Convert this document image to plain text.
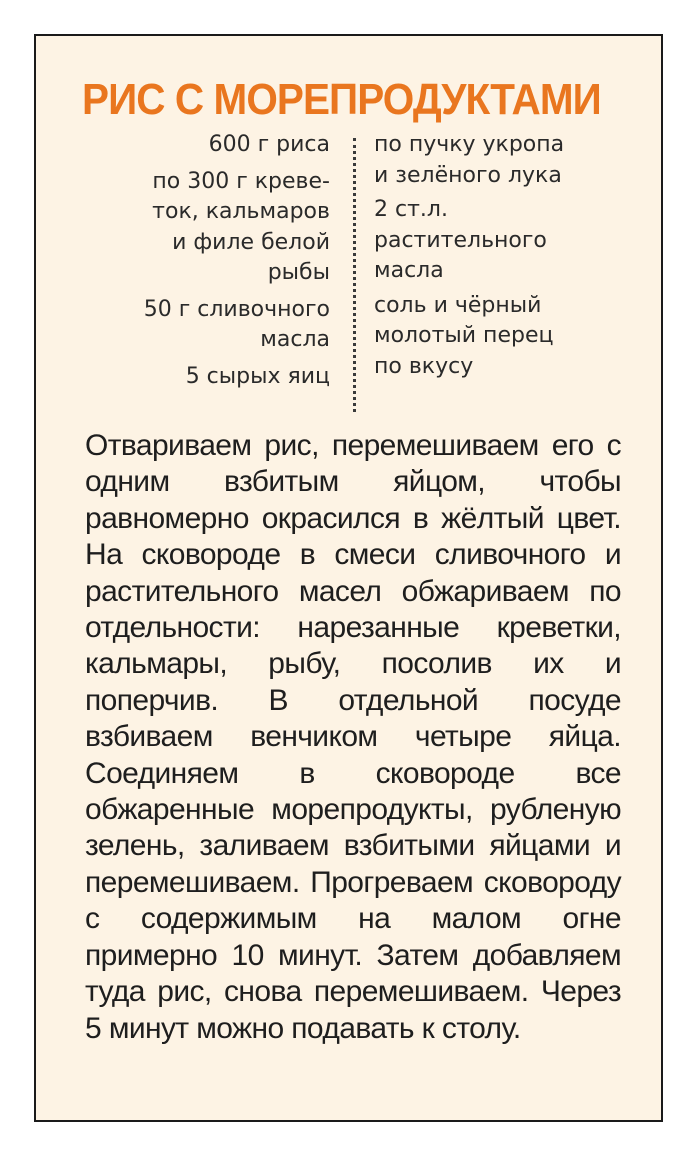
РИС С МОРЕПРОДУКТАМИ
600 г риса
по 300 г креве-
ток, кальмаров
и филе белой
рыбы
50 г сливочного
масла
5 сырых яиц
по пучку укропа
и зелёного лука
2 ст.л.
растительного
масла
соль и чёрный
молотый перец
по вкусу

Отвариваем рис, перемешиваем его с одним взбитым яйцом, чтобы равномерно окрасился в жёлтый цвет. На сковороде в смеси сливочного и растительного масел обжариваем по отдельности: нарезанные креветки, кальмары, рыбу, посолив их и поперчив. В отдельной посуде взбиваем венчиком четыре яйца. Соединяем в сковороде все обжаренные морепродукты, рубленую зелень, заливаем взбитыми яйцами и перемешиваем. Прогреваем сковороду с содержимым на малом огне примерно 10 минут. Затем добавляем туда рис, снова перемешиваем. Через 5 минут можно подавать к столу.
